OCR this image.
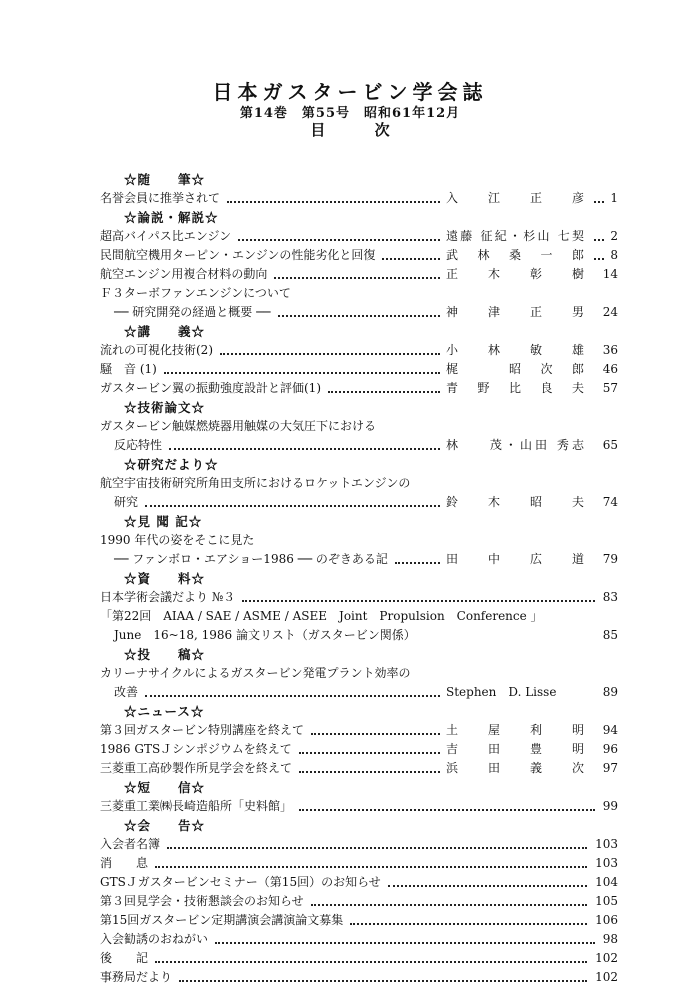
日本ガスタービン学会誌
第14巻　第55号　昭和61年12月
目 次
☆随　　筆☆
名誉会員に推挙されて	入 江 正 彦 1
☆論説・解説☆
超高バイパス比エンジン	遠藤 征紀・杉山 七契 2
民間航空機用ターピン・エンジンの性能劣化と回復	武 林 桑 一 郎 8
航空エンジン用複合材料の動向	正 木 彰 樹 14
Ｆ３ターボファンエンジンについて
── 研究開発の経過と概要 ──	神 津 正 男 24
☆講　　義☆
流れの可視化技術(2)	小 林 敏 雄 36
騒　音 (1)	梶 　 昭 次 郎 46
ガスタービン翼の振動強度設計と評価(1)	青 野 比 良 夫 57
☆技術論文☆
ガスタービン触媒燃焼器用触媒の大気圧下における
反応特性	林 　 茂・山田 秀志 65
☆研究だより☆
航空宇宙技術研究所角田支所におけるロケットエンジンの
研究	鈴 木 昭 夫 74
☆見 聞 記☆
1990 年代の姿をそこに見た
── ファンボロ・エアショー1986 ── のぞきある記	田 中 広 道 79
☆資　　料☆
日本学術会議だより №３	83
「第22回　AIAA / SAE / ASME / ASEE　Joint　Propulsion　Conference 」
June　16~18, 1986 論文リスト（ガスタービン関係）	85
☆投　　稿☆
カリーナサイクルによるガスタービン発電プラント効率の
改善	Stephen　D. Lisse	89
☆ニュース☆
第３回ガスタービン特別講座を終えて	土 屋 利 明 94
1986 GTSＪシンポジウムを終えて	吉 田 豊 明 96
三菱重工高砂製作所見学会を終えて	浜 田 義 次 97
☆短　　信☆
三菱重工業㈱長崎造船所「史料館」	99
☆会　　告☆
入会者名簿	103
消　　息	103
GTSＪガスタービンセミナー（第15回）のお知らせ	104
第３回見学会・技術懇談会のお知らせ	105
第15回ガスタービン定期講演会講演論文募集	106
入会勧誘のおねがい	98
後　　記	102
事務局だより	102
